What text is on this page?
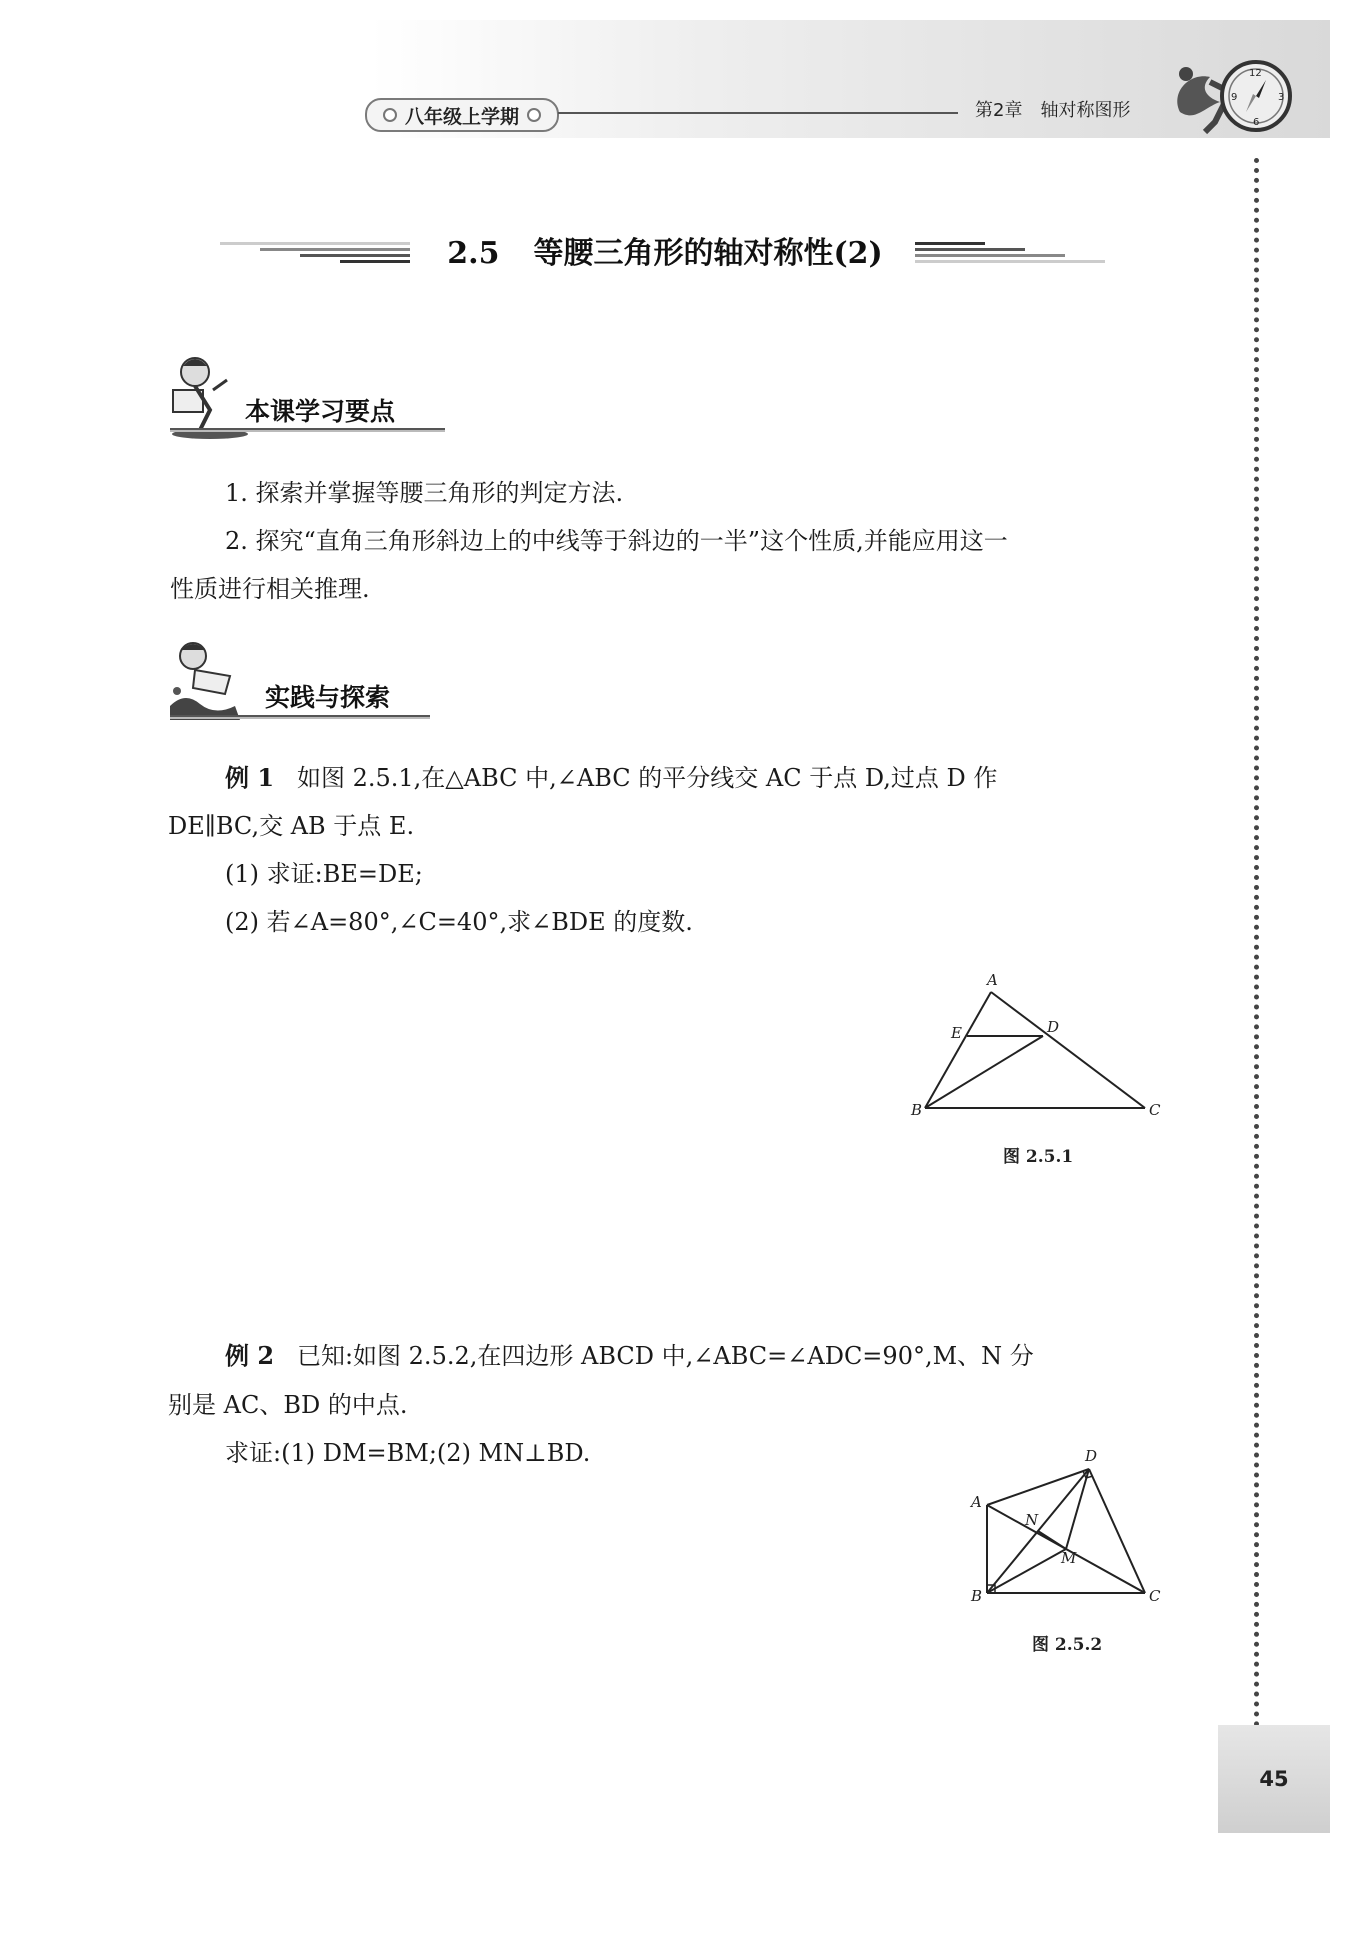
八年级上学期	第2章 轴对称图形
12
3
6
9
2.5 等腰三角形的轴对称性(2)
本课学习要点
1. 探索并掌握等腰三角形的判定方法.
2. 探究“直角三角形斜边上的中线等于斜边的一半”这个性质,并能应用这一
性质进行相关推理.
实践与探索
例 1 如图 2.5.1,在△ABC 中,∠ABC 的平分线交 AC 于点 D,过点 D 作
DE∥BC,交 AB 于点 E.
(1) 求证:BE=DE;
(2) 若∠A=80°,∠C=40°,求∠BDE 的度数.
A
E	D
B	C
图 2.5.1
例 2 已知:如图 2.5.2,在四边形 ABCD 中,∠ABC=∠ADC=90°,M、N 分
别是 AC、BD 的中点.
求证:(1) DM=BM;(2) MN⊥BD.	D
A
N
M
B	C
图 2.5.2
45
